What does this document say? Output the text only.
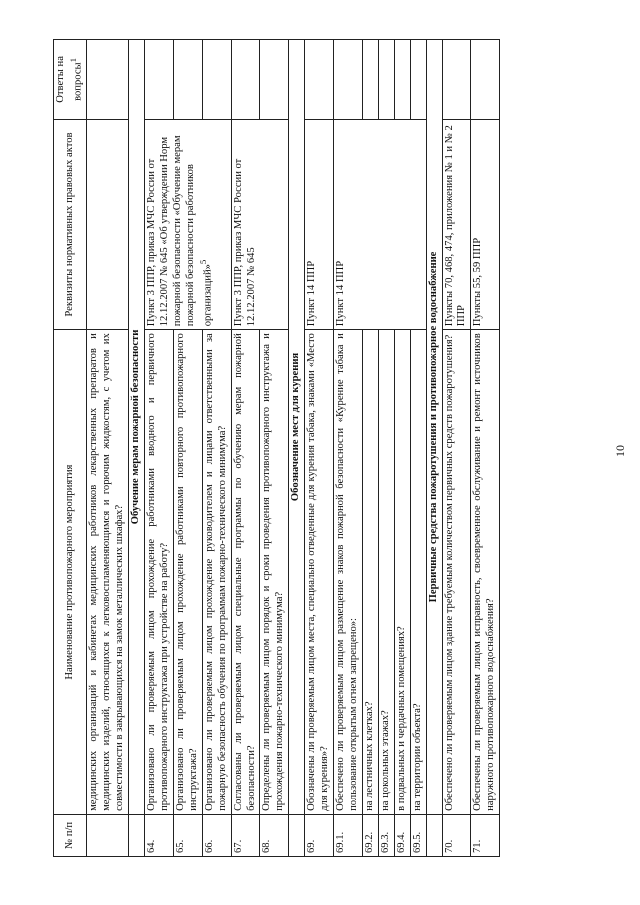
10
№ п/п	Наименование противопожарного мероприятия	Реквизиты нормативных правовых актов	Ответы на вопросы$^1$
	медицинских организаций и кабинетах медицинских работников лекарственных препаратов и медицинских изделий, относящихся к легковоспламеняющимся и горючим жидкостям, с учетом их совместимости в закрывающихся на замок металлических шкафах?		
	Обучение мерам пожарной безопасности		
64.	Организовано ли проверяемым лицом прохождение работниками вводного и первичного противопожарного инструктажа при устройстве на работу?	Пункт 3 ППР, приказ МЧС России от 12.12.2007 № 645 «Об утверждении Норм пожарной безопасности «Обучение мерам пожарной безопасности работников организаций»$^5$	
65.	Организовано ли проверяемым лицом прохождение работниками повторного противопожарного инструктажа?		
66.	Организовано ли проверяемым лицом прохождение руководителем и лицами ответственными за пожарную безопасность обучения по программам пожарно-технического минимума?		
67.	Согласованы ли проверяемым лицом специальные программы по обучению мерам пожарной безопасности?	Пункт 3 ППР, приказ МЧС России от 12.12.2007 № 645	
68.	Определены ли проверяемым лицом порядок и сроки проведения противопожарного инструктажа и прохождения пожарно-технического минимума?		
	Обозначение мест для курения		
69.	Обозначены ли проверяемым лицом места, специально отведенные для курения табака, знаками «Место для курения»?	Пункт 14 ППР	
69.1.	Обеспечено ли проверяемым лицом размещение знаков пожарной безопасности «Курение табака и пользование открытым огнем запрещено»:	Пункт 14 ППР	
69.2.	на лестничных клетках?		
69.3.	на цокольных этажах?		
69.4.	в подвальных и чердачных помещениях?		
69.5.	на территории объекта?		
	Первичные средства пожаротушения и противопожарное водоснабжение		
70.	Обеспечено ли проверяемым лицом здание требуемым количеством первичных средств пожаротушения?	Пункты 70, 468, 474, приложения № 1 и № 2 ППР	
71.	Обеспечены ли проверяемым лицом исправность, своевременное обслуживание и ремонт источников наружного противопожарного водоснабжения?	Пункты 55, 59 ППР	
